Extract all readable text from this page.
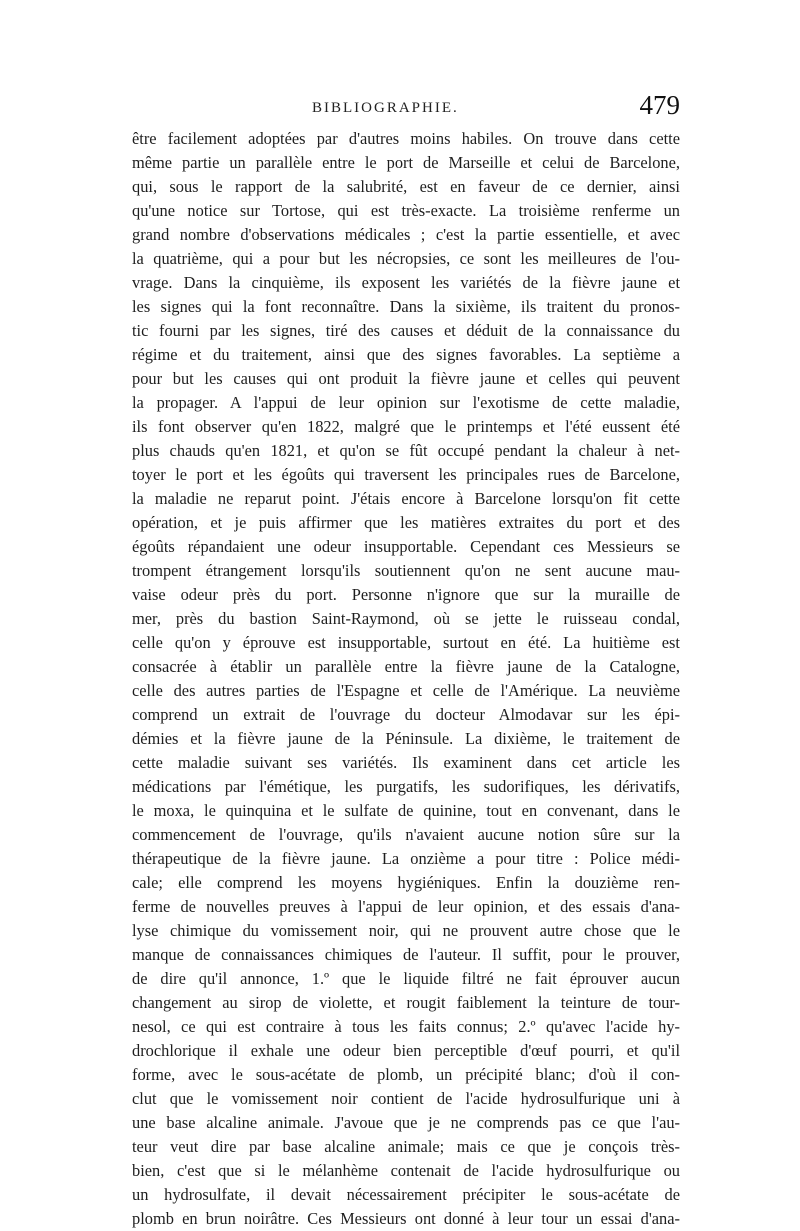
BIBLIOGRAPHIE.	479
être facilement adoptées par d'autres moins habiles. On trouve dans cette
même partie un parallèle entre le port de Marseille et celui de Barcelone,
qui, sous le rapport de la salubrité, est en faveur de ce dernier, ainsi
qu'une notice sur Tortose, qui est très-exacte. La troisième renferme un
grand nombre d'observations médicales ; c'est la partie essentielle, et avec
la quatrième, qui a pour but les nécropsies, ce sont les meilleures de l'ou-
vrage. Dans la cinquième, ils exposent les variétés de la fièvre jaune et
les signes qui la font reconnaître. Dans la sixième, ils traitent du pronos-
tic fourni par les signes, tiré des causes et déduit de la connaissance du
régime et du traitement, ainsi que des signes favorables. La septième a
pour but les causes qui ont produit la fièvre jaune et celles qui peuvent
la propager. A l'appui de leur opinion sur l'exotisme de cette maladie,
ils font observer qu'en 1822, malgré que le printemps et l'été eussent été
plus chauds qu'en 1821, et qu'on se fût occupé pendant la chaleur à net-
toyer le port et les égoûts qui traversent les principales rues de Barcelone,
la maladie ne reparut point. J'étais encore à Barcelone lorsqu'on fit cette
opération, et je puis affirmer que les matières extraites du port et des
égoûts répandaient une odeur insupportable. Cependant ces Messieurs se
trompent étrangement lorsqu'ils soutiennent qu'on ne sent aucune mau-
vaise odeur près du port. Personne n'ignore que sur la muraille de
mer, près du bastion Saint-Raymond, où se jette le ruisseau condal,
celle qu'on y éprouve est insupportable, surtout en été. La huitième est
consacrée à établir un parallèle entre la fièvre jaune de la Catalogne,
celle des autres parties de l'Espagne et celle de l'Amérique. La neuvième
comprend un extrait de l'ouvrage du docteur Almodavar sur les épi-
démies et la fièvre jaune de la Péninsule. La dixième, le traitement de
cette maladie suivant ses variétés. Ils examinent dans cet article les
médications par l'émétique, les purgatifs, les sudorifiques, les dérivatifs,
le moxa, le quinquina et le sulfate de quinine, tout en convenant, dans le
commencement de l'ouvrage, qu'ils n'avaient aucune notion sûre sur la
thérapeutique de la fièvre jaune. La onzième a pour titre : Police médi-
cale; elle comprend les moyens hygiéniques. Enfin la douzième ren-
ferme de nouvelles preuves à l'appui de leur opinion, et des essais d'ana-
lyse chimique du vomissement noir, qui ne prouvent autre chose que le
manque de connaissances chimiques de l'auteur. Il suffit, pour le prouver,
de dire qu'il annonce, 1.º que le liquide filtré ne fait éprouver aucun
changement au sirop de violette, et rougit faiblement la teinture de tour-
nesol, ce qui est contraire à tous les faits connus; 2.º qu'avec l'acide hy-
drochlorique il exhale une odeur bien perceptible d'œuf pourri, et qu'il
forme, avec le sous-acétate de plomb, un précipité blanc; d'où il con-
clut que le vomissement noir contient de l'acide hydrosulfurique uni à
une base alcaline animale. J'avoue que je ne comprends pas ce que l'au-
teur veut dire par base alcaline animale; mais ce que je conçois très-
bien, c'est que si le mélanhème contenait de l'acide hydrosulfurique ou
un hydrosulfate, il devait nécessairement précipiter le sous-acétate de
plomb en brun noirâtre. Ces Messieurs ont donné à leur tour un essai d'ana-
